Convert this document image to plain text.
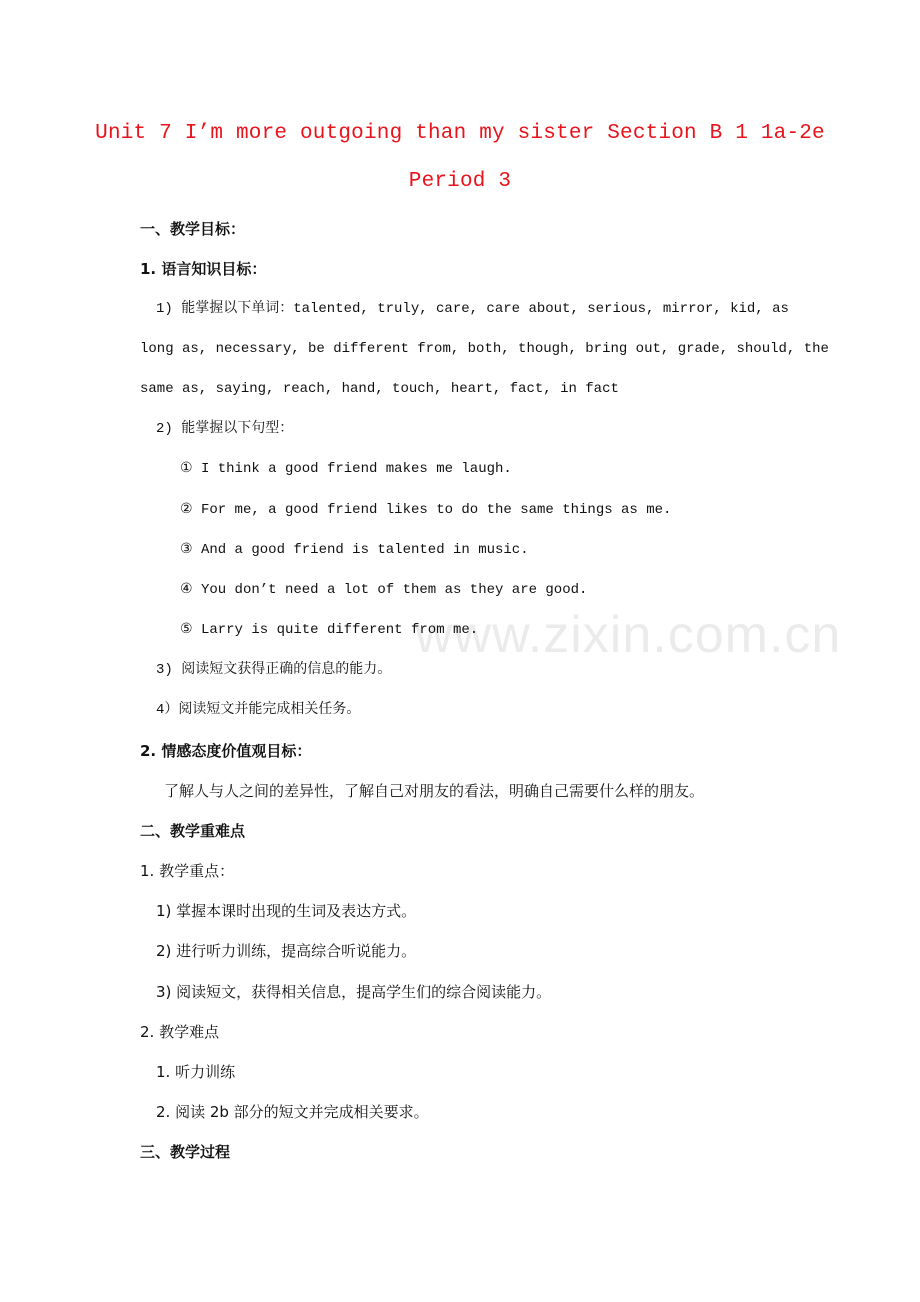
Unit 7 I’m more outgoing than my sister Section B 1 1a-2e
Period 3
一、教学目标：
1. 语言知识目标：
1) 能掌握以下单词：talented, truly, care, care about, serious, mirror, kid, as
long as, necessary, be different from, both, though, bring out, grade, should, the
same as, saying, reach, hand, touch, heart, fact, in fact
2) 能掌握以下句型：
① I think a good friend makes me laugh.
② For me, a good friend likes to do the same things as me.
③ And a good friend is talented in music.
④ You don’t need a lot of them as they are good.
⑤ Larry is quite different from me.
3) 阅读短文获得正确的信息的能力。
4）阅读短文并能完成相关任务。
2. 情感态度价值观目标：
了解人与人之间的差异性，了解自己对朋友的看法，明确自己需要什么样的朋友。
二、教学重难点
1. 教学重点：
1) 掌握本课时出现的生词及表达方式。
2) 进行听力训练，提高综合听说能力。
3) 阅读短文，获得相关信息，提高学生们的综合阅读能力。
2. 教学难点
1. 听力训练
2. 阅读 2b 部分的短文并完成相关要求。
三、教学过程
www.zixin.com.cn
